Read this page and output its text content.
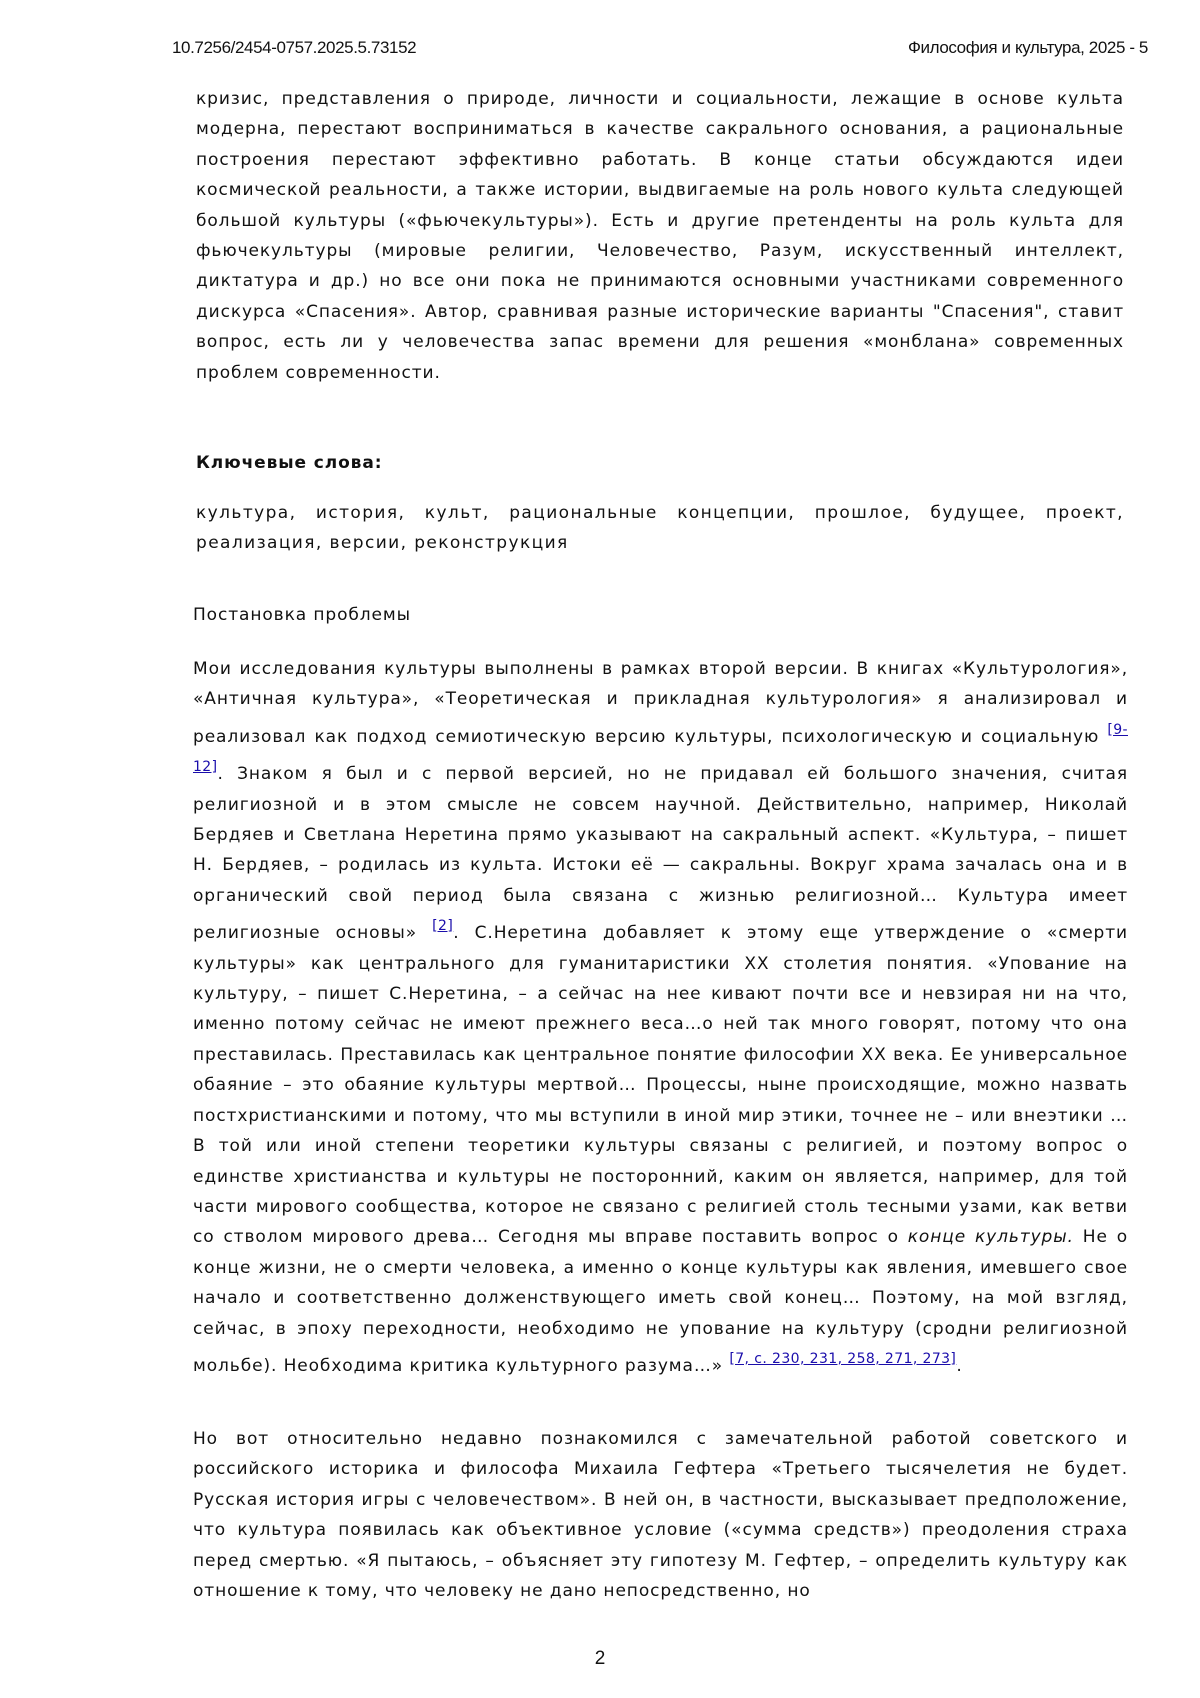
10.7256/2454-0757.2025.5.73152	Философия и культура, 2025 - 5

кризис, представления о природе, личности и социальности, лежащие в основе культа модерна, перестают восприниматься в качестве сакрального основания, а рациональные построения перестают эффективно работать. В конце статьи обсуждаются идеи космической реальности, а также истории, выдвигаемые на роль нового культа следующей большой культуры («фьючекультуры»). Есть и другие претенденты на роль культа для фьючекультуры (мировые религии, Человечество, Разум, искусственный интеллект, диктатура и др.) но все они пока не принимаются основными участниками современного дискурса «Спасения». Автор, сравнивая разные исторические варианты "Спасения", ставит вопрос, есть ли у человечества запас времени для решения «монблана» современных проблем современности.

Ключевые слова:

культура, история, культ, рациональные концепции, прошлое, будущее, проект, реализация, версии, реконструкция

Постановка проблемы

Мои исследования культуры выполнены в рамках второй версии. В книгах «Культурология», «Античная культура», «Теоретическая и прикладная культурология» я анализировал и реализовал как подход семиотическую версию культуры, психологическую и социальную [9-12]. Знаком я был и с первой версией, но не придавал ей большого значения, считая религиозной и в этом смысле не совсем научной. Действительно, например, Николай Бердяев и Светлана Неретина прямо указывают на сакральный аспект. «Культура, – пишет Н. Бердяев, – родилась из культа. Истоки её — сакральны. Вокруг храма зачалась она и в органический свой период была связана с жизнью религиозной… Культура имеет религиозные основы» [2]. С.Неретина добавляет к этому еще утверждение о «смерти культуры» как центрального для гуманитаристики XX столетия понятия. «Упование на культуру, – пишет С.Неретина, – а сейчас на нее кивают почти все и невзирая ни на что, именно потому сейчас не имеют прежнего веса…о ней так много говорят, потому что она преставилась. Преставилась как центральное понятие философии XX века. Ее универсальное обаяние – это обаяние культуры мертвой… Процессы, ныне происходящие, можно назвать постхристианскими и потому, что мы вступили в иной мир этики, точнее не – или внеэтики … В той или иной степени теоретики культуры связаны с религией, и поэтому вопрос о единстве христианства и культуры не посторонний, каким он является, например, для той части мирового сообщества, которое не связано с религией столь тесными узами, как ветви со стволом мирового древа… Сегодня мы вправе поставить вопрос о конце культуры. Не о конце жизни, не о смерти человека, а именно о конце культуры как явления, имевшего свое начало и соответственно долженствующего иметь свой конец… Поэтому, на мой взгляд, сейчас, в эпоху переходности, необходимо не упование на культуру (сродни религиозной мольбе). Необходима критика культурного разума…» [7, с. 230, 231, 258, 271, 273].

Но вот относительно недавно познакомился с замечательной работой советского и российского историка и философа Михаила Гефтера «Третьего тысячелетия не будет. Русская история игры с человечеством». В ней он, в частности, высказывает предположение, что культура появилась как объективное условие («сумма средств») преодоления страха перед смертью. «Я пытаюсь, – объясняет эту гипотезу М. Гефтер, – определить культуру как отношение к тому, что человеку не дано непосредственно, но

2
